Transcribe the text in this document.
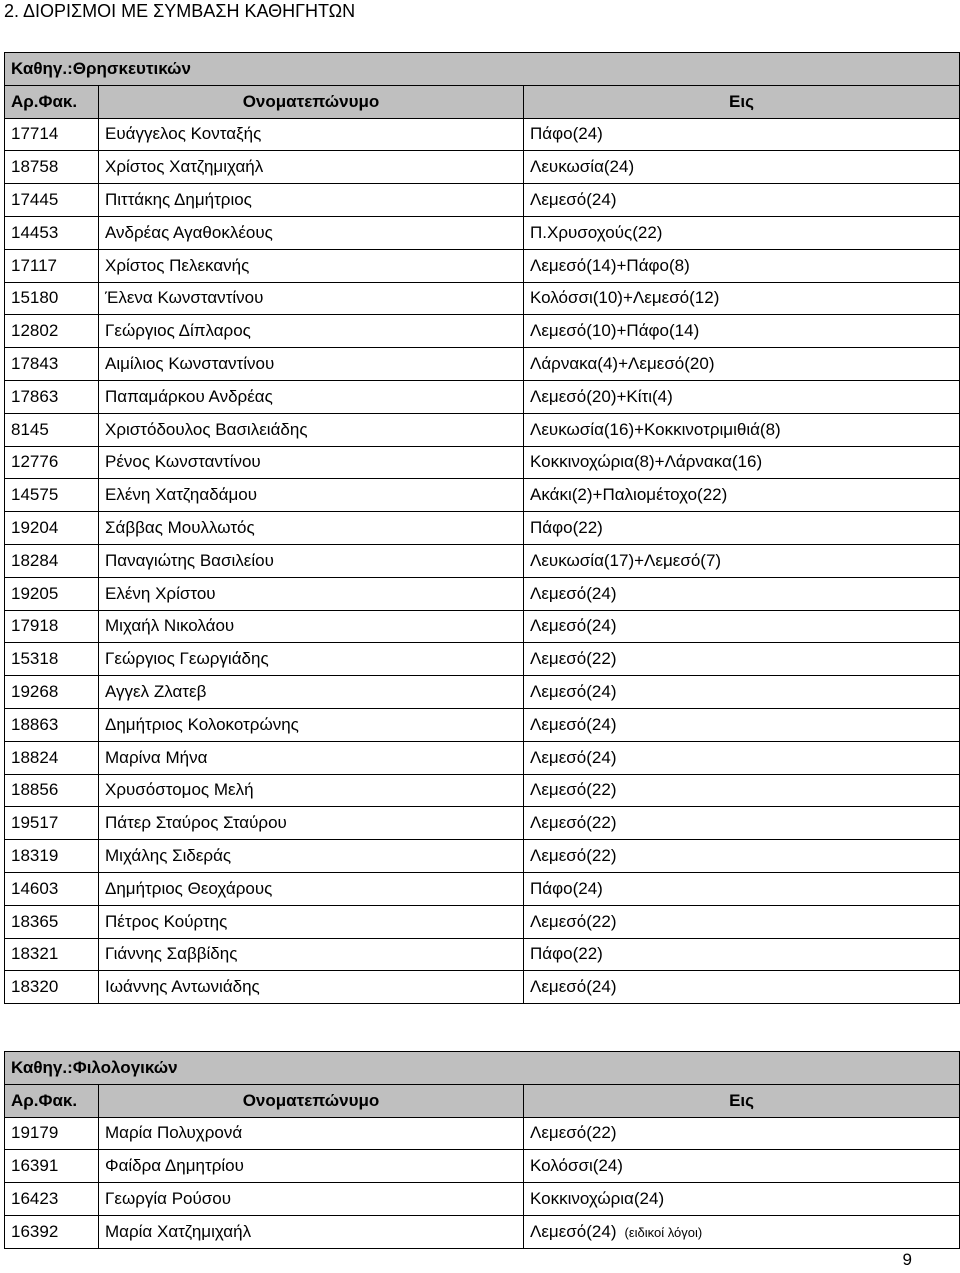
2. ΔΙΟΡΙΣΜΟΙ ΜΕ ΣΥΜΒΑΣΗ ΚΑΘΗΓΗΤΩΝ
Καθηγ.:Θρησκευτικών		
Αρ.Φακ.	Ονοματεπώνυμο	Εις
17714	Ευάγγελος Κονταξής	Πάφο(24)
18758	Χρίστος Χατζημιχαήλ	Λευκωσία(24)
17445	Πιττάκης Δημήτριος	Λεμεσό(24)
14453	Ανδρέας Αγαθοκλέους	Π.Χρυσοχούς(22)
17117	Χρίστος Πελεκανής	Λεμεσό(14)+Πάφο(8)
15180	Έλενα Κωνσταντίνου	Κολόσσι(10)+Λεμεσό(12)
12802	Γεώργιος Δίπλαρος	Λεμεσό(10)+Πάφο(14)
17843	Αιμίλιος Κωνσταντίνου	Λάρνακα(4)+Λεμεσό(20)
17863	Παπαμάρκου Ανδρέας	Λεμεσό(20)+Κίτι(4)
8145	Χριστόδουλος Βασιλειάδης	Λευκωσία(16)+Κοκκινοτριμιθιά(8)
12776	Ρένος Κωνσταντίνου	Κοκκινοχώρια(8)+Λάρνακα(16)
14575	Ελένη Χατζηαδάμου	Ακάκι(2)+Παλιομέτοχο(22)
19204	Σάββας Μουλλωτός	Πάφο(22)
18284	Παναγιώτης Βασιλείου	Λευκωσία(17)+Λεμεσό(7)
19205	Ελένη Χρίστου	Λεμεσό(24)
17918	Μιχαήλ Νικολάου	Λεμεσό(24)
15318	Γεώργιος Γεωργιάδης	Λεμεσό(22)
19268	Αγγελ Ζλατεβ	Λεμεσό(24)
18863	Δημήτριος Κολοκοτρώνης	Λεμεσό(24)
18824	Μαρίνα Μήνα	Λεμεσό(24)
18856	Χρυσόστομος Μελή	Λεμεσό(22)
19517	Πάτερ Σταύρος Σταύρου	Λεμεσό(22)
18319	Μιχάλης Σιδεράς	Λεμεσό(22)
14603	Δημήτριος Θεοχάρους	Πάφο(24)
18365	Πέτρος Κούρτης	Λεμεσό(22)
18321	Γιάννης Σαββίδης	Πάφο(22)
18320	Ιωάννης Αντωνιάδης	Λεμεσό(24)
Καθηγ.:Φιλολογικών		
Αρ.Φακ.	Ονοματεπώνυμο	Εις
19179	Μαρία Πολυχρονά	Λεμεσό(22)
16391	Φαίδρα Δημητρίου	Κολόσσι(24)
16423	Γεωργία Ρούσου	Κοκκινοχώρια(24)
16392	Μαρία Χατζημιχαήλ	Λεμεσό(24) (ειδικοί λόγοι)
9
